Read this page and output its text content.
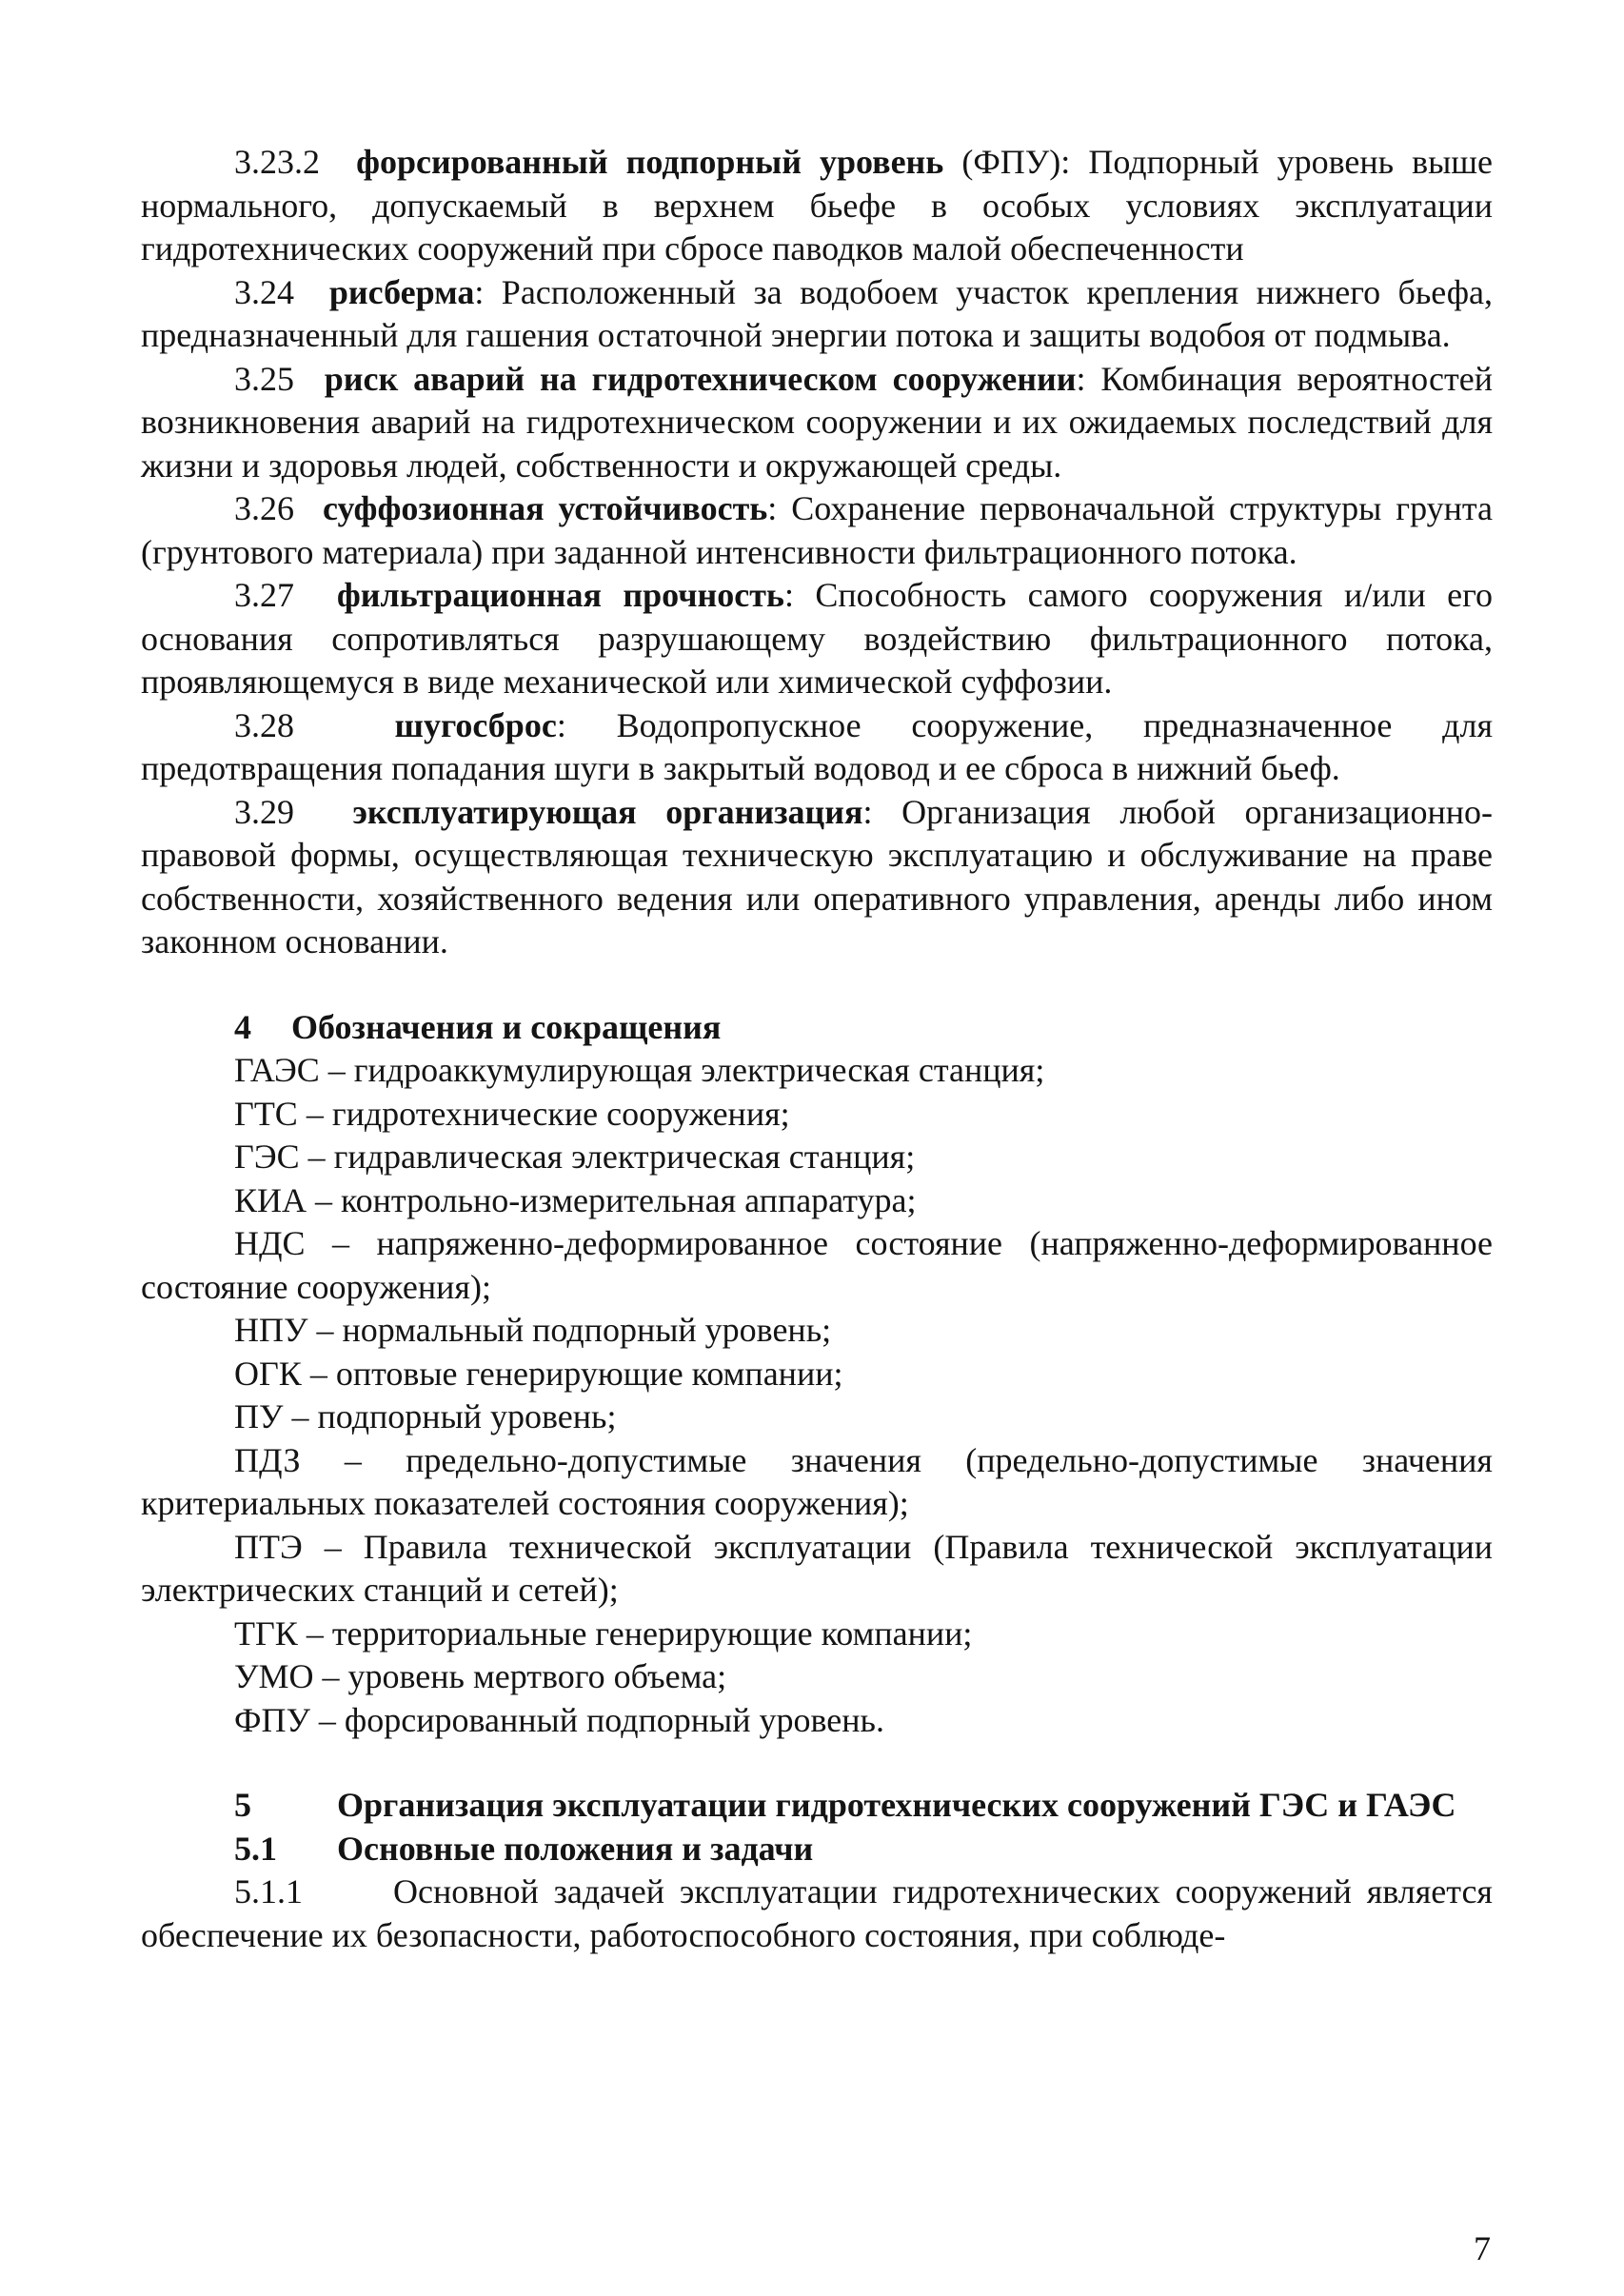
3.23.2 форсированный подпорный уровень (ФПУ): Подпорный уровень выше нормального, допускаемый в верхнем бьефе в особых условиях эксплуатации гидротехнических сооружений при сбросе паводков малой обеспеченности

3.24 рисберма: Расположенный за водобоем участок крепления нижнего бьефа, предназначенный для гашения остаточной энергии потока и защиты водобоя от подмыва.

3.25 риск аварий на гидротехническом сооружении: Комбинация вероятностей возникновения аварий на гидротехническом сооружении и их ожидаемых последствий для жизни и здоровья людей, собственности и окружающей среды.

3.26 суффозионная устойчивость: Сохранение первоначальной структуры грунта (грунтового материала) при заданной интенсивности фильтрационного потока.

3.27 фильтрационная прочность: Способность самого сооружения и/или его основания сопротивляться разрушающему воздействию фильтрационного потока, проявляющемуся в виде механической или химической суффозии.

3.28	шугосброс: Водопропускное сооружение, предназначенное для предотвращения попадания шуги в закрытый водовод и ее сброса в нижний бьеф.

3.29 эксплуатирующая организация: Организация любой организационно-правовой формы, осуществляющая техническую эксплуатацию и обслуживание на праве собственности, хозяйственного ведения или оперативного управления, аренды либо ином законном основании.

4 Обозначения и сокращения

ГАЭС – гидроаккумулирующая электрическая станция;

ГТС – гидротехнические сооружения;

ГЭС – гидравлическая электрическая станция;

КИА – контрольно-измерительная аппаратура;

НДС – напряженно-деформированное состояние (напряженно-деформированное состояние сооружения);

НПУ – нормальный подпорный уровень;

ОГК – оптовые генерирующие компании;

ПУ – подпорный уровень;

ПДЗ – предельно-допустимые значения (предельно-допустимые значения критериальных показателей состояния сооружения);

ПТЭ – Правила технической эксплуатации (Правила технической эксплуатации электрических станций и сетей);

ТГК – территориальные генерирующие компании;

УМО – уровень мертвого объема;

ФПУ – форсированный подпорный уровень.

5	Организация эксплуатации гидротехнических сооружений ГЭС и ГАЭС

5.1 Основные положения и задачи

5.1.1	Основной задачей эксплуатации гидротехнических сооружений является обеспечение их безопасности, работоспособного состояния, при соблюде-

7
